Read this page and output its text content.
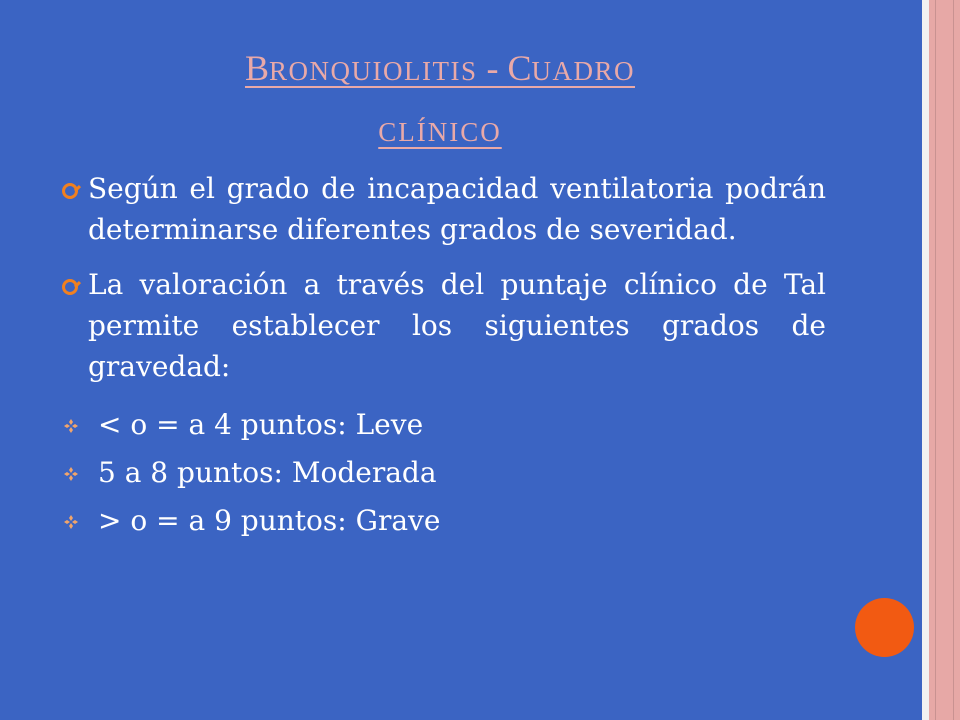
BRONQUIOLITIS - CUADRO
CLÍNICO
Según el grado de incapacidad ventilatoria podrán determinarse diferentes grados de severidad.
La valoración a través del puntaje clínico de Tal permite establecer los siguientes grados de gravedad:
< o = a 4 puntos: Leve
5 a 8 puntos: Moderada
> o = a 9 puntos: Grave
